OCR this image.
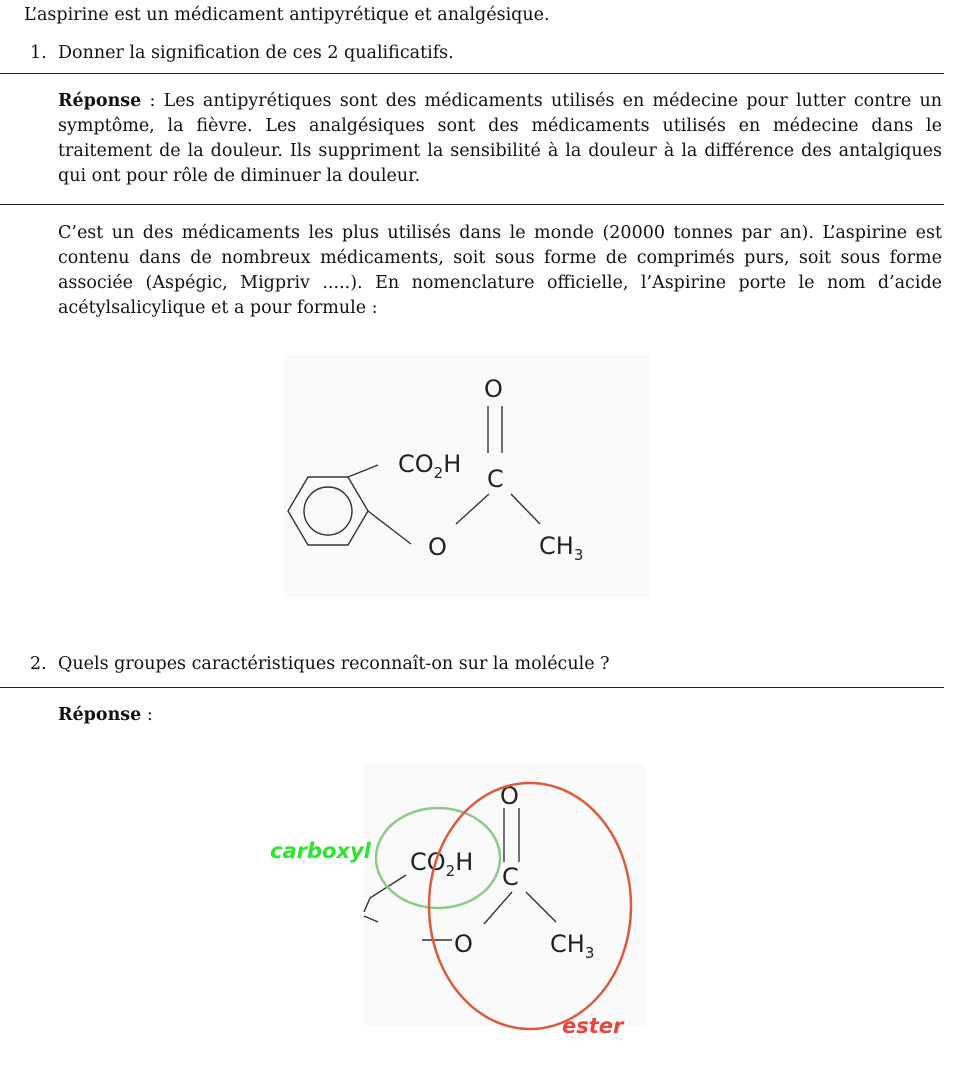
L’aspirine est un médicament antipyrétique et analgésique.
1. Donner la signification de ces 2 qualificatifs.
Réponse : Les antipyrétiques sont des médicaments utilisés en médecine pour lutter contre un symptôme, la fièvre. Les analgésiques sont des médicaments utilisés en médecine dans le traitement de la douleur. Ils suppriment la sensibilité à la douleur à la différence des antalgiques qui ont pour rôle de diminuer la douleur.
C’est un des médicaments les plus utilisés dans le monde (20000 tonnes par an). L’aspirine est contenu dans de nombreux médicaments, soit sous forme de comprimés purs, soit sous forme associée (Aspégic, Migpriv .....). En nomenclature officielle, l’Aspirine porte le nom d’acide acétylsalicylique et a pour formule :
O
C
O
$CO_2H$
$CH_3$
2. Quels groupes caractéristiques reconnaît-on sur la molécule ?
Réponse :
O
C
O
$CO_2H$
$CH_3$
carboxyl
ester
